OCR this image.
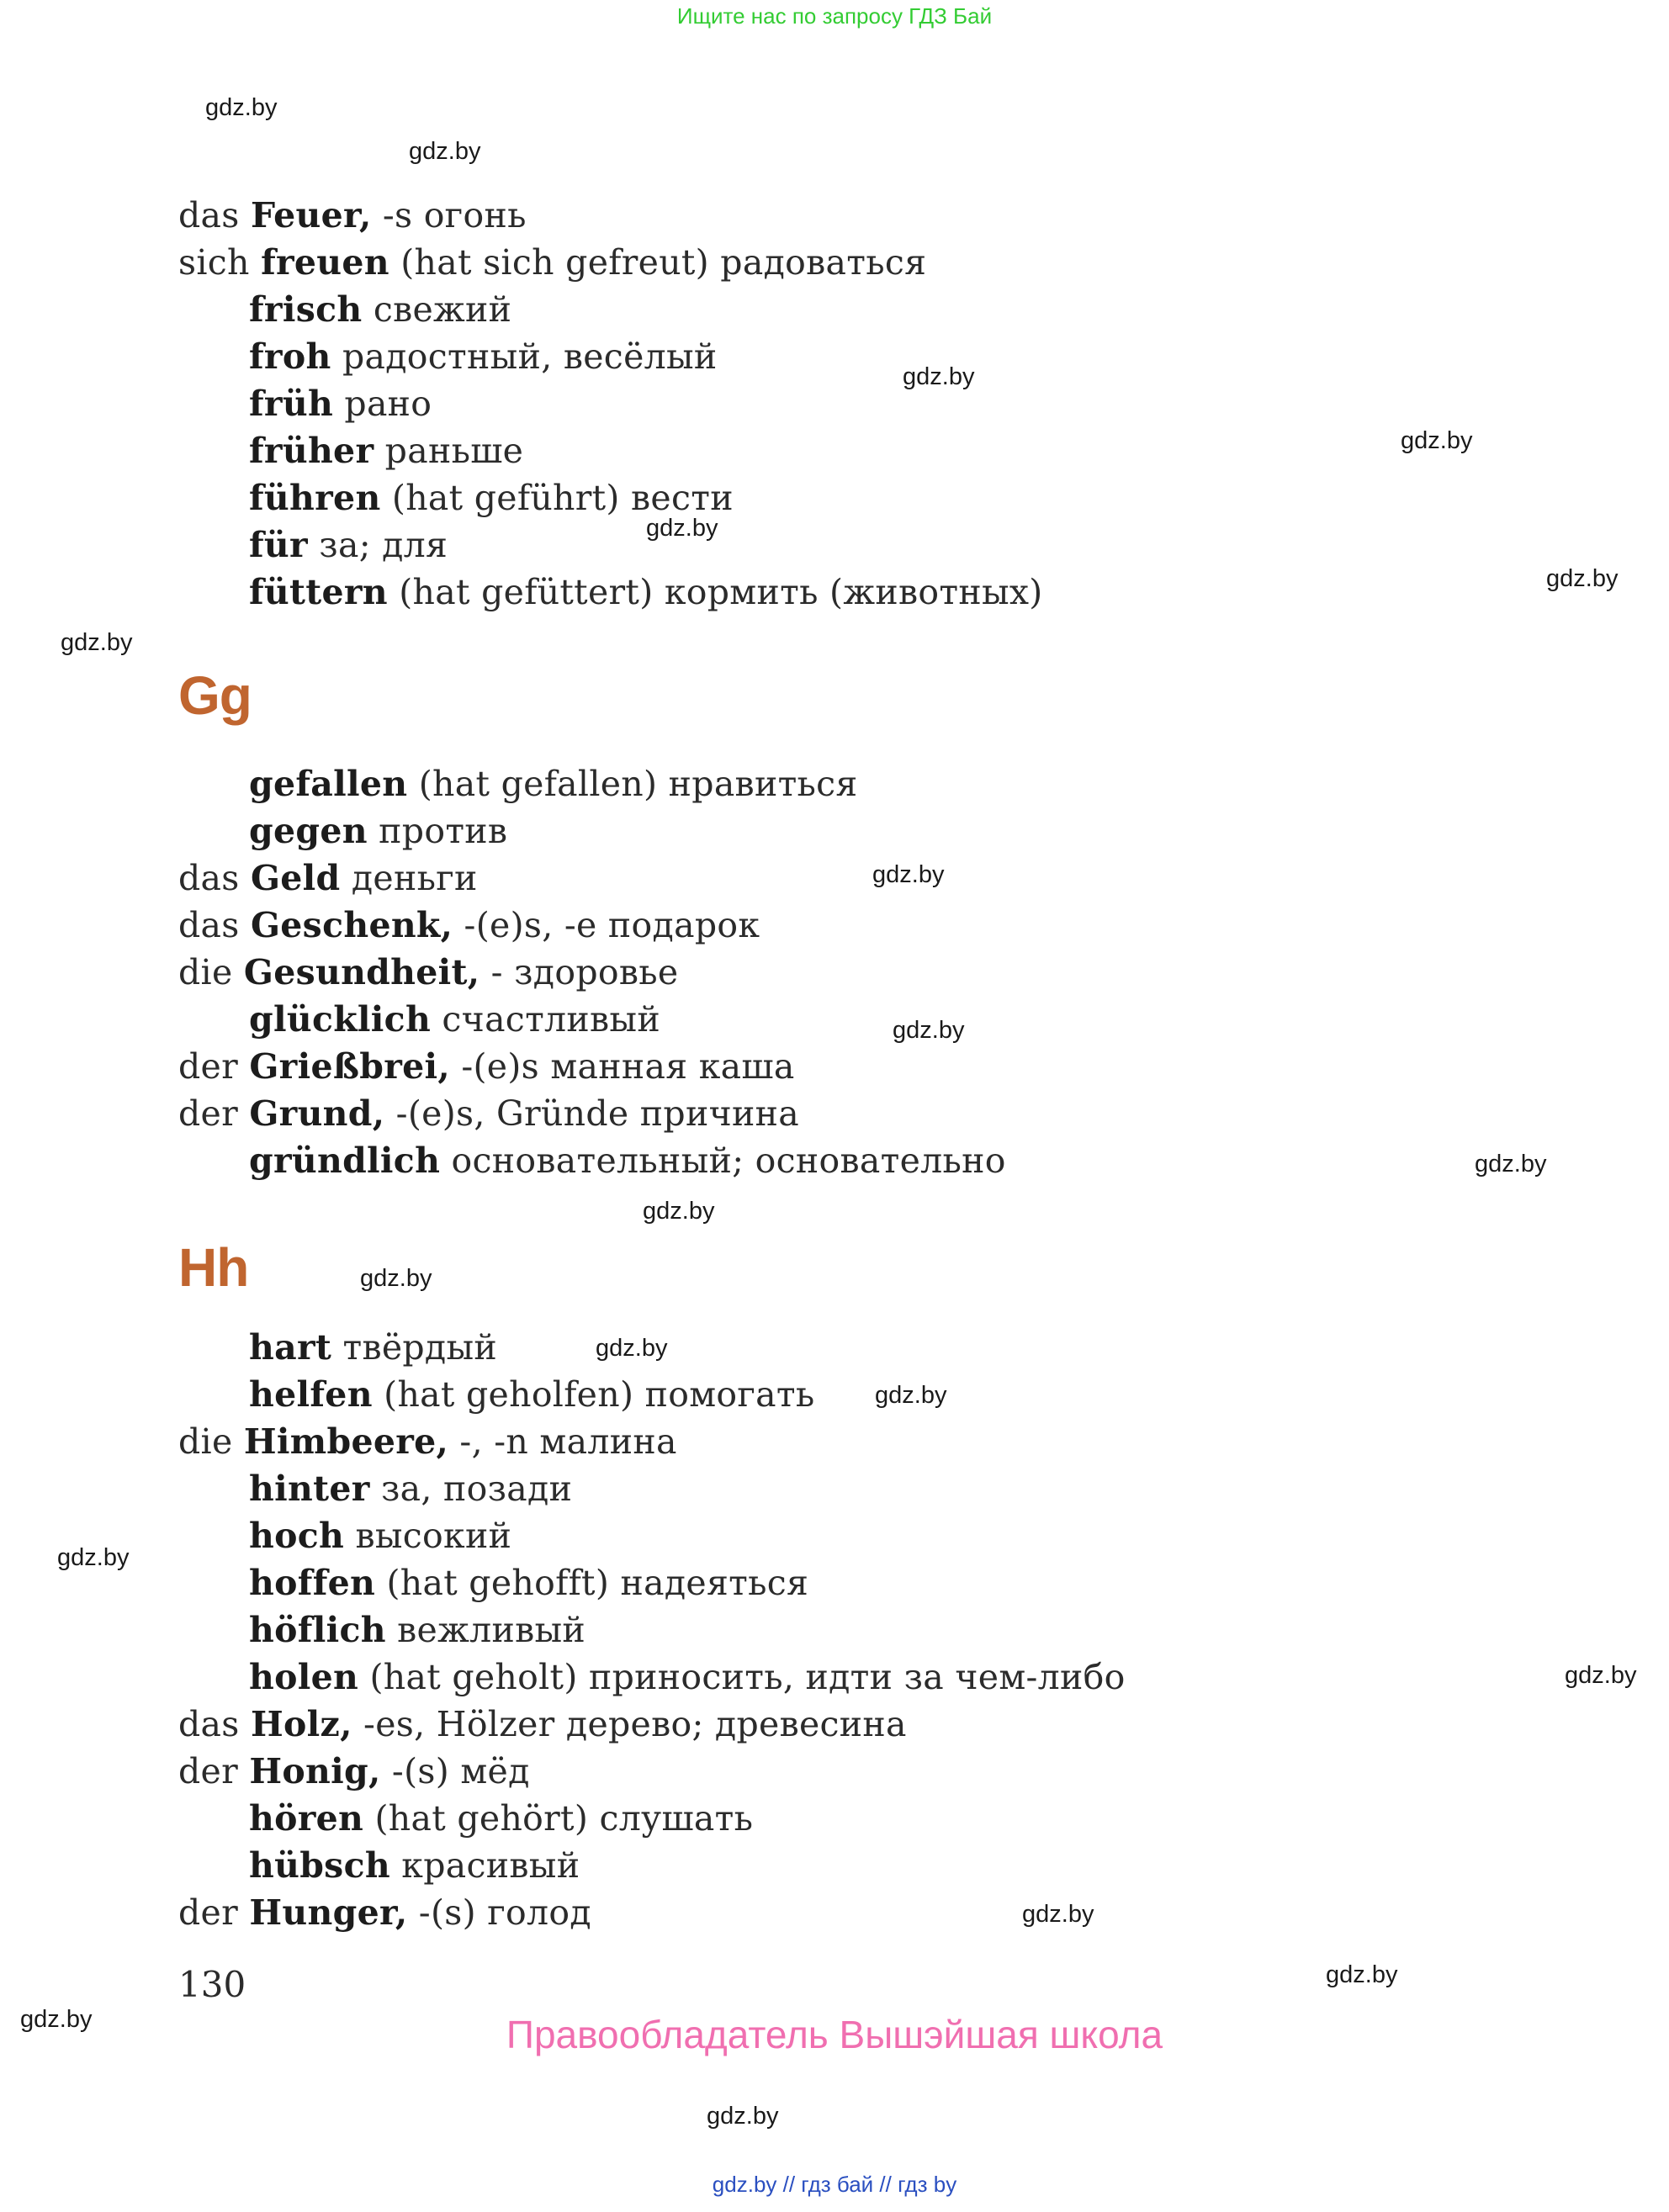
Ищите нас по запросу ГДЗ Бай
gdz.by
gdz.by
gdz.by
gdz.by
gdz.by
gdz.by
gdz.by
gdz.by
gdz.by
gdz.by
gdz.by
gdz.by
gdz.by
gdz.by
gdz.by
gdz.by
gdz.by
gdz.by
gdz.by
gdz.by
Gg
Hh
das Feuer, -s огонь
sich freuen (hat sich gefreut) радоваться
frisch свежий
froh радостный, весёлый
früh рано
früher раньше
führen (hat geführt) вести
für за; для
füttern (hat gefüttert) кормить (животных)
gefallen (hat gefallen) нравиться
gegen против
das Geld деньги
das Geschenk, -(e)s, -e подарок
die Gesundheit, - здоровье
glücklich счастливый
der Grießbrei, -(e)s манная каша
der Grund, -(e)s, Gründe причина
gründlich основательный; основательно
hart твёрдый
helfen (hat geholfen) помогать
die Himbeere, -, -n малина
hinter за, позади
hoch высокий
hoffen (hat gehofft) надеяться
höflich вежливый
holen (hat geholt) приносить, идти за чем-либо
das Holz, -es, Hölzer дерево; древесина
der Honig, -(s) мёд
hören (hat gehört) слушать
hübsch красивый
der Hunger, -(s) голод
130
Правообладатель Вышэйшая школа
gdz.by // гдз бай // гдз by
